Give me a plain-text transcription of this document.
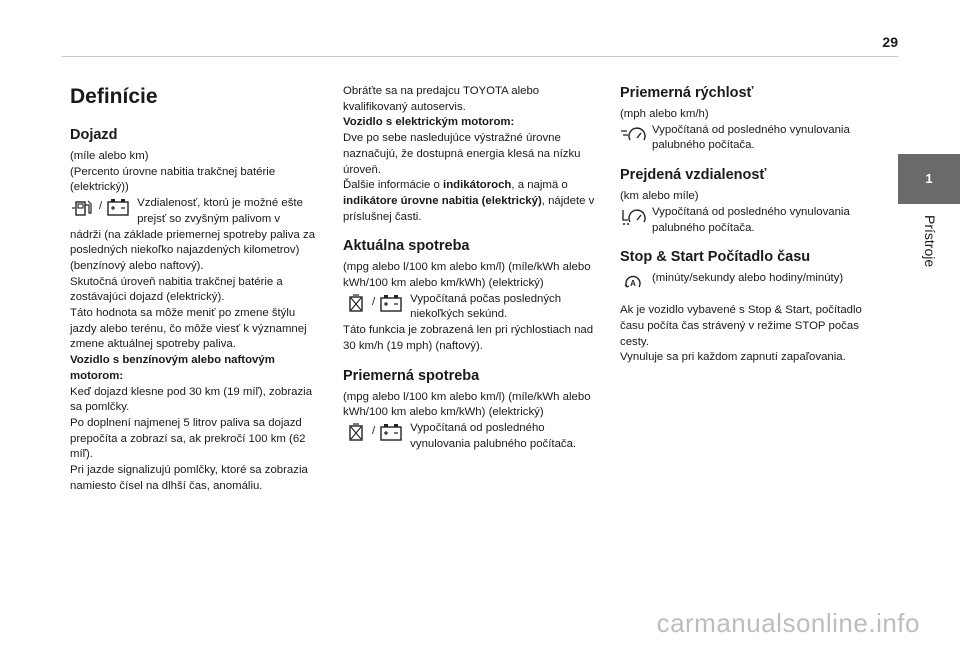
29
1
Prístroje
Definície
Dojazd

(míle alebo km)

(Percento úrovne nabitia trakčnej batérie (elektrický))

/	Vzdialenosť, ktorú je možné ešte prejsť so zvyšným palivom v

nádrži (na základe priemernej spotreby paliva za posledných niekoľko najazdených kilometrov) (benzínový alebo naftový).

Skutočná úroveň nabitia trakčnej batérie a zostávajúci dojazd (elektrický).

Táto hodnota sa môže meniť po zmene štýlu jazdy alebo terénu, čo môže viesť k významnej zmene aktuálnej spotreby paliva.

Vozidlo s benzínovým alebo naftovým motorom:

Keď dojazd klesne pod 30 km (19 míľ), zobrazia sa pomlčky.

Po doplnení najmenej 5 litrov paliva sa dojazd prepočíta a zobrazí sa, ak prekročí 100 km (62 míľ).

Pri jazde signalizujú pomlčky, ktoré sa zobrazia namiesto čísel na dlhší čas, anomáliu.

Obráťte sa na predajcu TOYOTA alebo kvalifikovaný autoservis.

Vozidlo s elektrickým motorom:

Dve po sebe nasledujúce výstražné úrovne naznačujú, že dostupná energia klesá na nízku úroveň.

Ďalšie informácie o indikátoroch, a najmä o indikátore úrovne nabitia (elektrický), nájdete v príslušnej časti.

Aktuálna spotreba

(mpg alebo l/100 km alebo km/l) (míle/kWh alebo kWh/100 km alebo km/kWh) (elektrický)

/	Vypočítaná počas posledných niekoľkých sekúnd.

Táto funkcia je zobrazená len pri rýchlostiach nad 30 km/h (19 mph) (naftový).

Priemerná spotreba

(mpg alebo l/100 km alebo km/l) (míle/kWh alebo kWh/100 km alebo km/kWh) (elektrický)

/	Vypočítaná od posledného vynulovania palubného počítača.
Priemerná rýchlosť

(mph alebo km/h)

Vypočítaná od posledného vynulovania palubného počítača.
Prejdená vzdialenosť

(km alebo míle)

Vypočítaná od posledného vynulovania palubného počítača.
Stop & Start Počítadlo času
A (minúty/sekundy alebo hodiny/minúty)

Ak je vozidlo vybavené s Stop & Start, počítadlo času počíta čas strávený v režime STOP počas cesty.

Vynuluje sa pri každom zapnutí zapaľovania.

carmanualsonline.info
